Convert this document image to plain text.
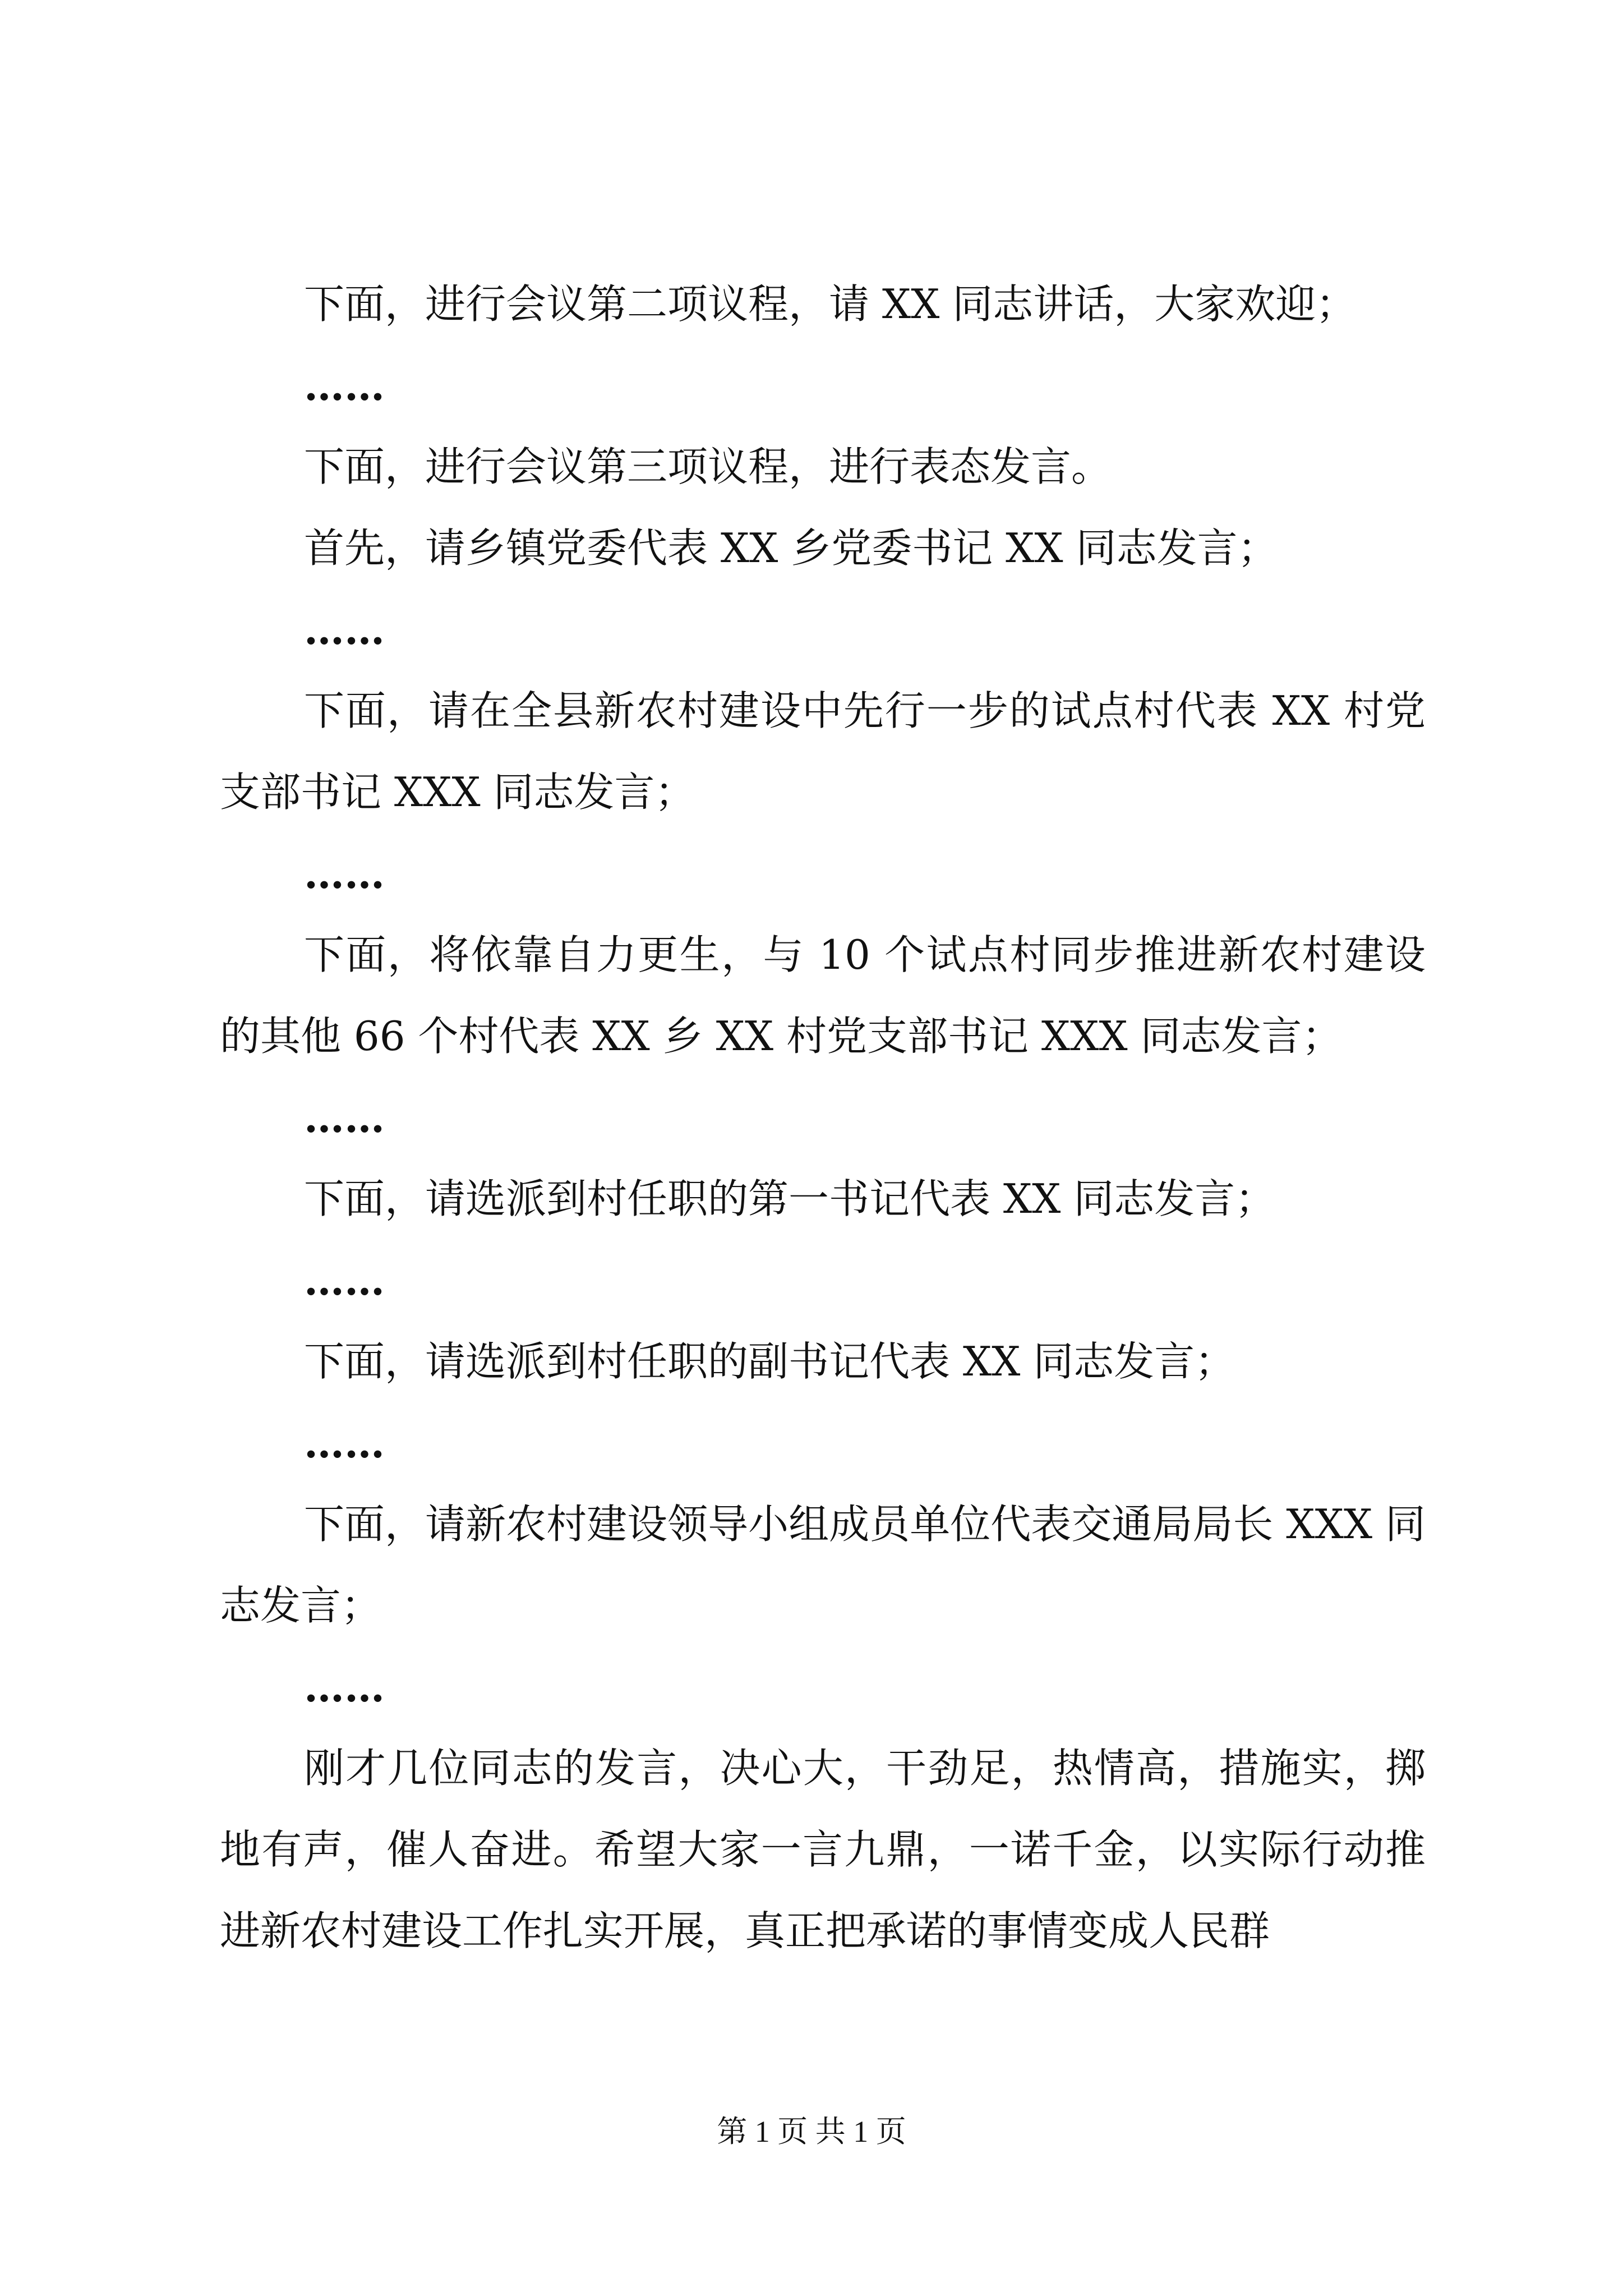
下面，进行会议第二项议程，请 XX 同志讲话，大家欢迎；

……

下面，进行会议第三项议程，进行表态发言。

首先，请乡镇党委代表 XX 乡党委书记 XX 同志发言；

……

下面，请在全县新农村建设中先行一步的试点村代表 XX 村党支部书记 XXX 同志发言；

……

下面，将依靠自力更生，与 10 个试点村同步推进新农村建设的其他 66 个村代表 XX 乡 XX 村党支部书记 XXX 同志发言；

……

下面，请选派到村任职的第一书记代表 XX 同志发言；

……

下面，请选派到村任职的副书记代表 XX 同志发言；

……

下面，请新农村建设领导小组成员单位代表交通局局长 XXX 同志发言；

……

刚才几位同志的发言，决心大，干劲足，热情高，措施实，掷地有声，催人奋进。希望大家一言九鼎，一诺千金，以实际行动推进新农村建设工作扎实开展，真正把承诺的事情变成人民群

第 1 页 共 1 页
